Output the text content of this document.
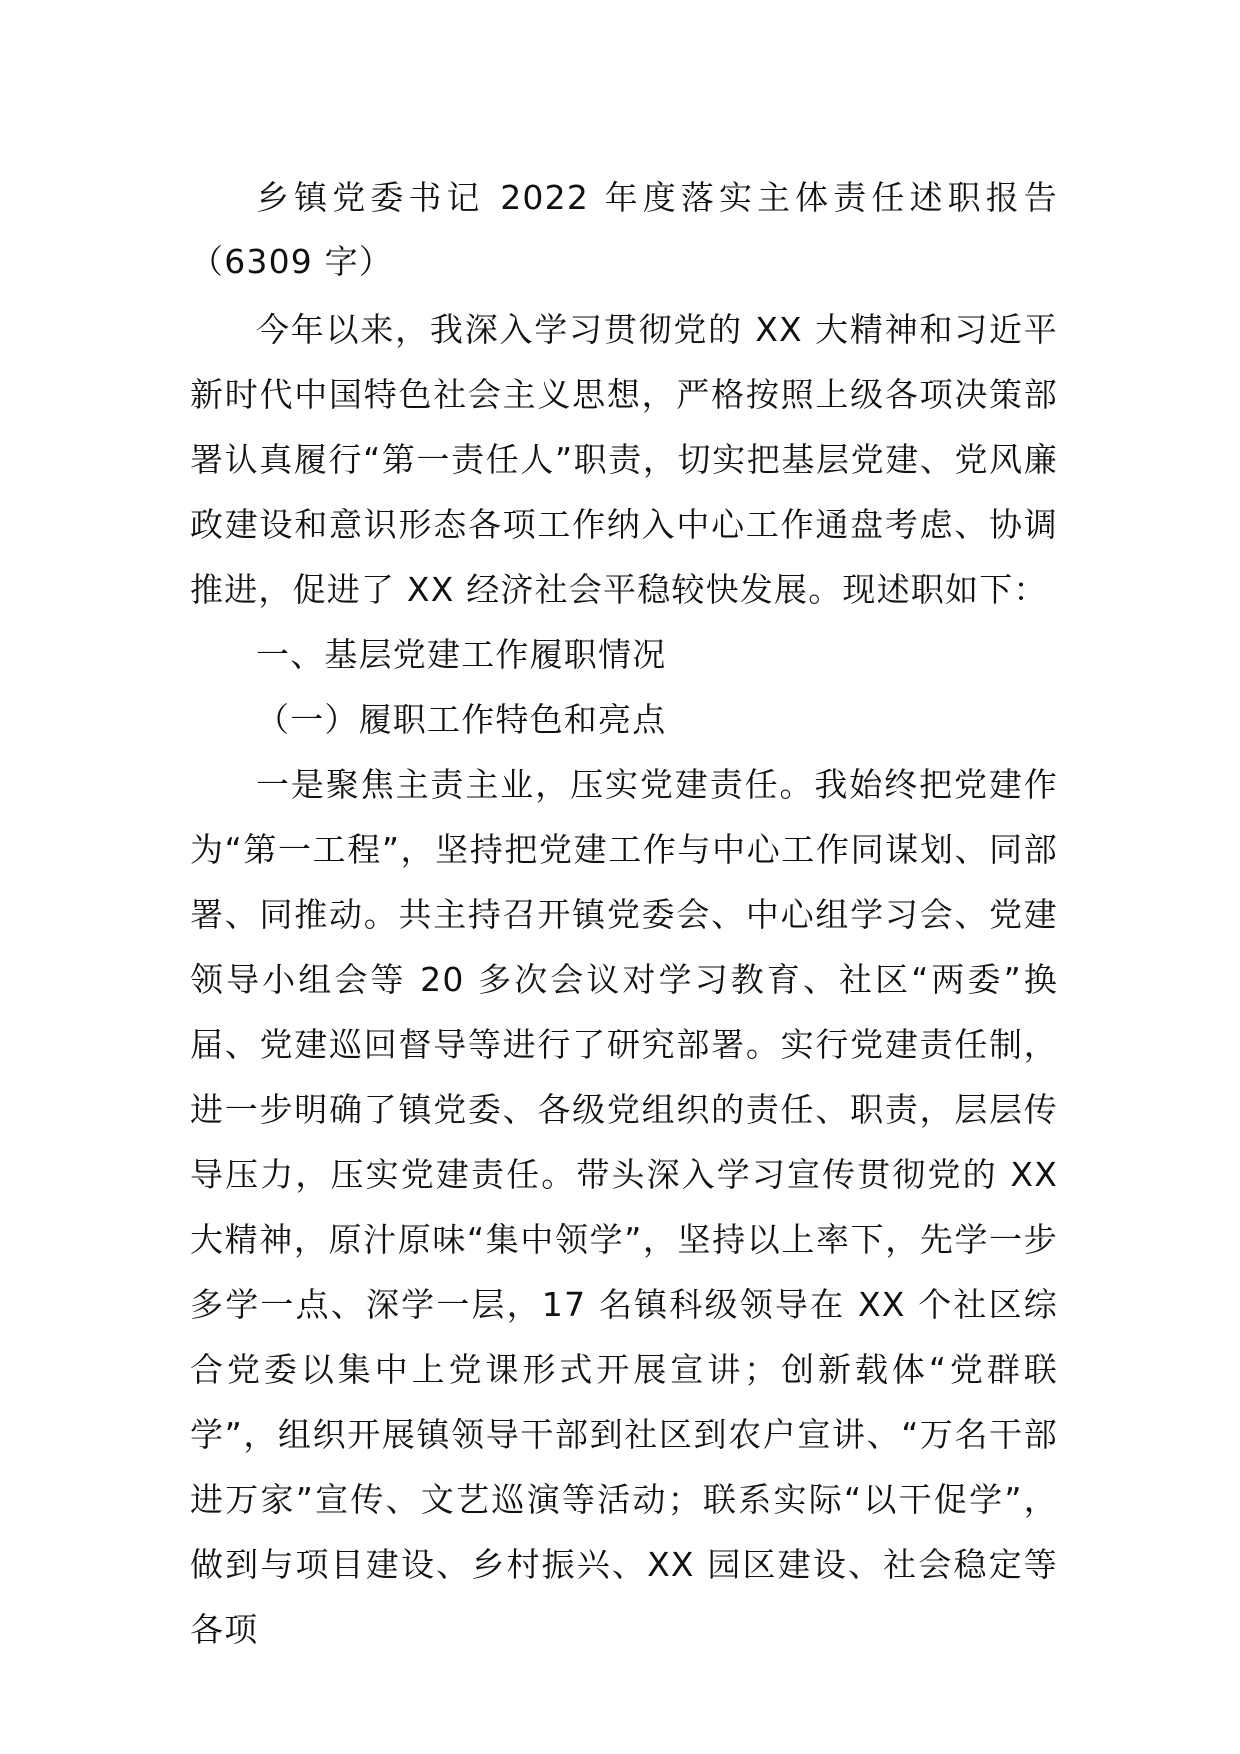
乡镇党委书记 2022 年度落实主体责任述职报告（6309 字）

今年以来，我深入学习贯彻党的 XX 大精神和习近平新时代中国特色社会主义思想，严格按照上级各项决策部署认真履行“第一责任人”职责，切实把基层党建、党风廉政建设和意识形态各项工作纳入中心工作通盘考虑、协调推进，促进了 XX 经济社会平稳较快发展。现述职如下：

一、基层党建工作履职情况

（一）履职工作特色和亮点

一是聚焦主责主业，压实党建责任。我始终把党建作为“第一工程”，坚持把党建工作与中心工作同谋划、同部署、同推动。共主持召开镇党委会、中心组学习会、党建领导小组会等 20 多次会议对学习教育、社区“两委”换届、党建巡回督导等进行了研究部署。实行党建责任制，进一步明确了镇党委、各级党组织的责任、职责，层层传导压力，压实党建责任。带头深入学习宣传贯彻党的 XX 大精神，原汁原味“集中领学”，坚持以上率下，先学一步多学一点、深学一层，17 名镇科级领导在 XX 个社区综合党委以集中上党课形式开展宣讲；创新载体“党群联学”，组织开展镇领导干部到社区到农户宣讲、“万名干部进万家”宣传、文艺巡演等活动；联系实际“以干促学”，做到与项目建设、乡村振兴、XX 园区建设、社会稳定等各项
